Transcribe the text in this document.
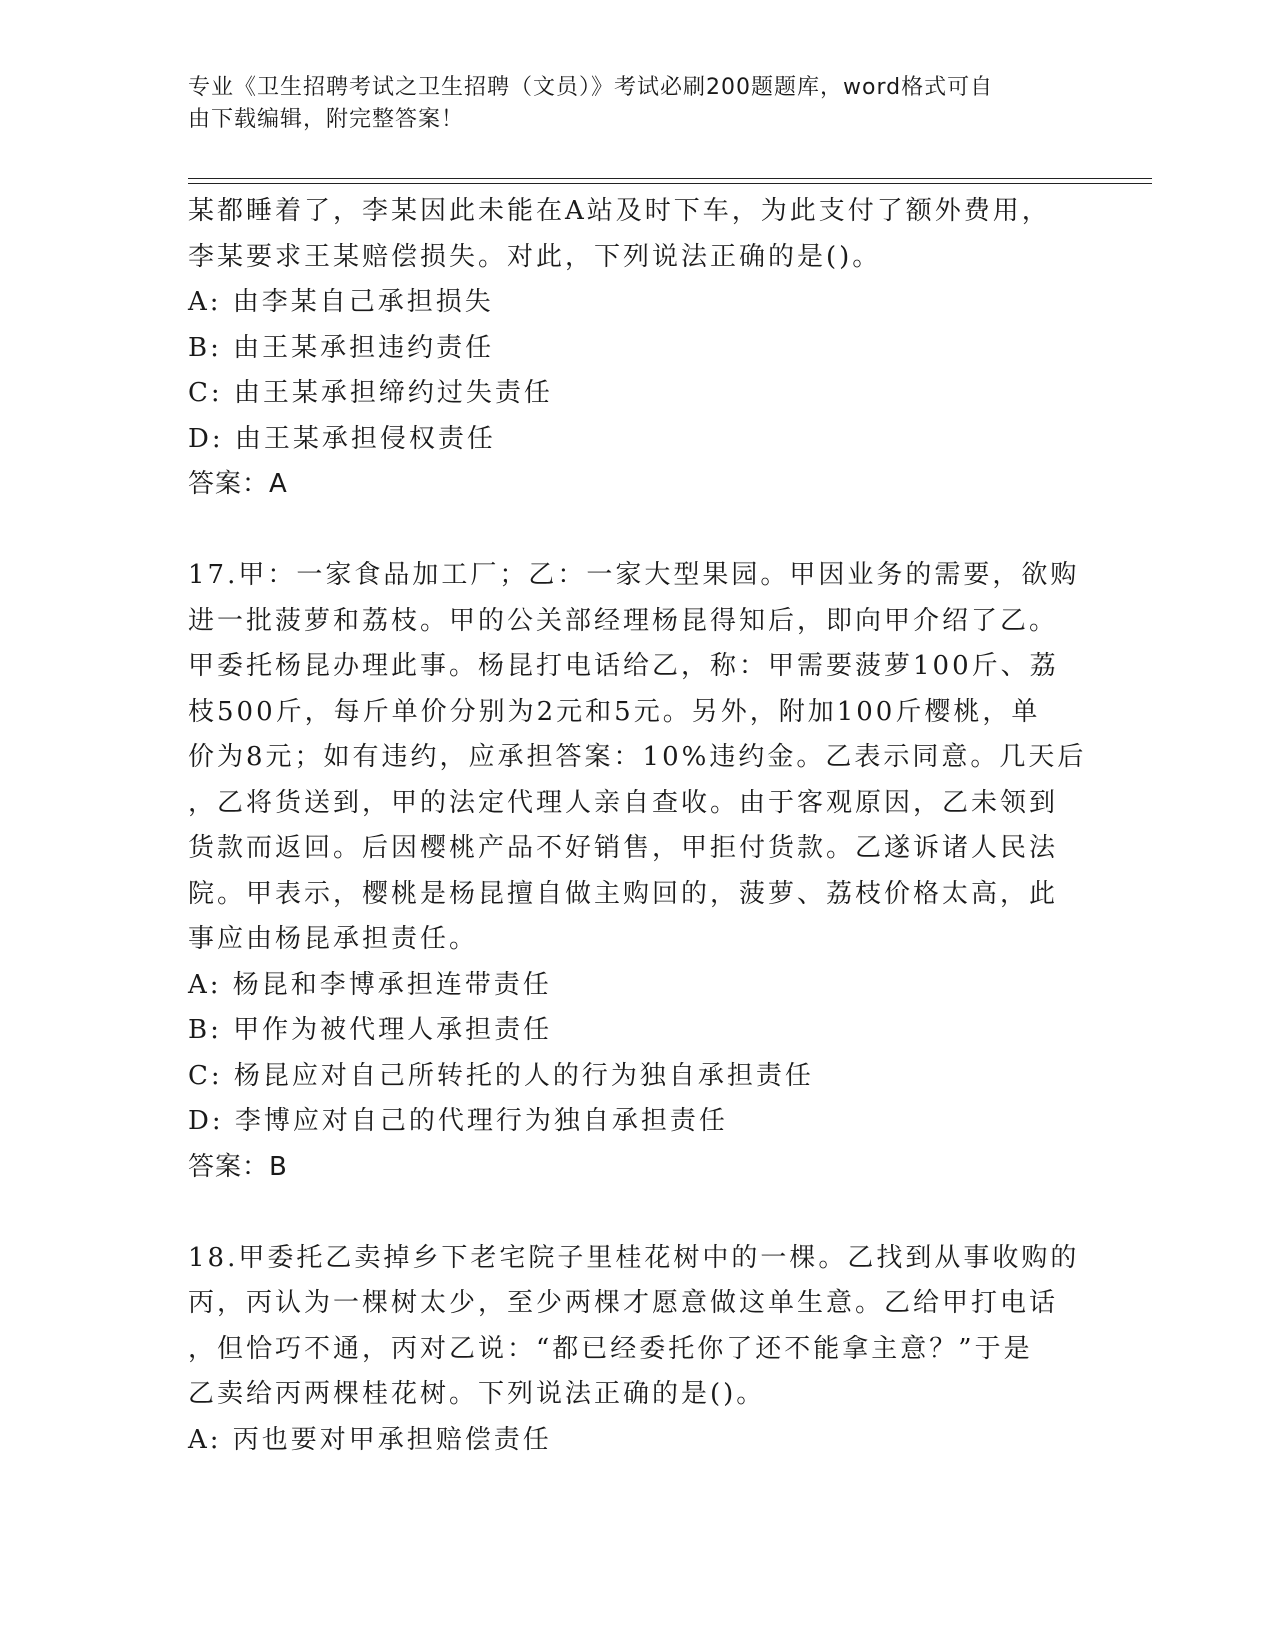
专业《卫生招聘考试之卫生招聘（文员）》考试必刷200题题库，word格式可自
由下载编辑，附完整答案！
某都睡着了，李某因此未能在A站及时下车，为此支付了额外费用，
李某要求王某赔偿损失。对此，下列说法正确的是()。
A: 由李某自己承担损失
B: 由王某承担违约责任
C: 由王某承担缔约过失责任
D: 由王某承担侵权责任
答案：A
17.甲：一家食品加工厂；乙：一家大型果园。甲因业务的需要，欲购
进一批菠萝和荔枝。甲的公关部经理杨昆得知后，即向甲介绍了乙。
甲委托杨昆办理此事。杨昆打电话给乙，称：甲需要菠萝100斤、荔
枝500斤，每斤单价分别为2元和5元。另外，附加100斤樱桃，单
价为8元；如有违约，应承担答案：10%违约金。乙表示同意。几天后
，乙将货送到，甲的法定代理人亲自查收。由于客观原因，乙未领到
货款而返回。后因樱桃产品不好销售，甲拒付货款。乙遂诉诸人民法
院。甲表示，樱桃是杨昆擅自做主购回的，菠萝、荔枝价格太高，此
事应由杨昆承担责任。
A: 杨昆和李博承担连带责任
B: 甲作为被代理人承担责任
C: 杨昆应对自己所转托的人的行为独自承担责任
D: 李博应对自己的代理行为独自承担责任
答案：B
18.甲委托乙卖掉乡下老宅院子里桂花树中的一棵。乙找到从事收购的
丙，丙认为一棵树太少，至少两棵才愿意做这单生意。乙给甲打电话
，但恰巧不通，丙对乙说：“都已经委托你了还不能拿主意？”于是
乙卖给丙两棵桂花树。下列说法正确的是()。
A: 丙也要对甲承担赔偿责任
